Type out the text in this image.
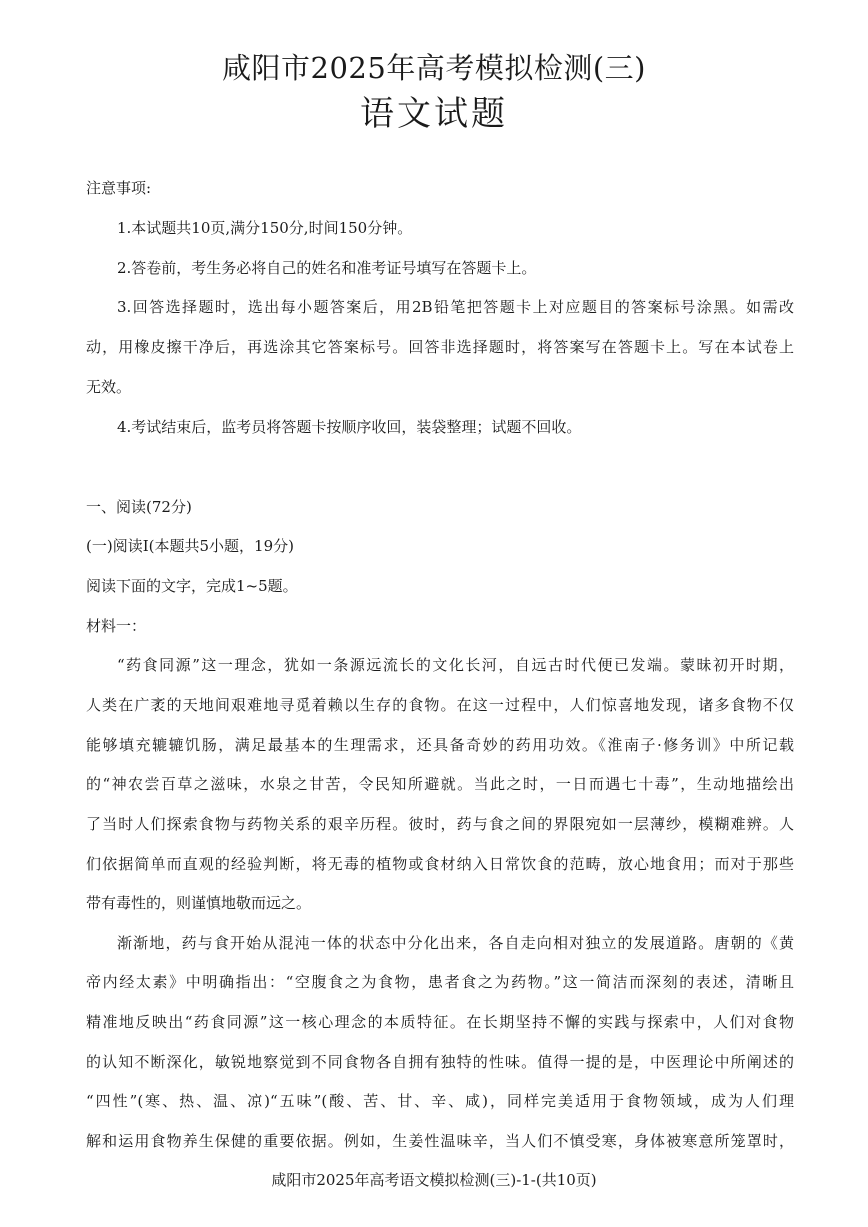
咸阳市2025年高考模拟检测(三)
语文试题
注意事项:
1.本试题共10页,满分150分,时间150分钟。
2.答卷前，考生务必将自己的姓名和准考证号填写在答题卡上。
3.回答选择题时，选出每小题答案后，用2B铅笔把答题卡上对应题目的答案标号涂黑。如需改
动，用橡皮擦干净后，再选涂其它答案标号。回答非选择题时，将答案写在答题卡上。写在本试卷上
无效。
4.考试结束后，监考员将答题卡按顺序收回，装袋整理；试题不回收。
一、阅读(72分)
(一)阅读Ⅰ(本题共5小题，19分)
阅读下面的文字，完成1~5题。
材料一：
“药食同源”这一理念，犹如一条源远流长的文化长河，自远古时代便已发端。蒙昧初开时期，
人类在广袤的天地间艰难地寻觅着赖以生存的食物。在这一过程中，人们惊喜地发现，诸多食物不仅
能够填充辘辘饥肠，满足最基本的生理需求，还具备奇妙的药用功效。《淮南子·修务训》中所记载
的“神农尝百草之滋味，水泉之甘苦，令民知所避就。当此之时，一日而遇七十毒”，生动地描绘出
了当时人们探索食物与药物关系的艰辛历程。彼时，药与食之间的界限宛如一层薄纱，模糊难辨。人
们依据简单而直观的经验判断，将无毒的植物或食材纳入日常饮食的范畴，放心地食用；而对于那些
带有毒性的，则谨慎地敬而远之。
渐渐地，药与食开始从混沌一体的状态中分化出来，各自走向相对独立的发展道路。唐朝的《黄
帝内经太素》中明确指出：“空腹食之为食物，患者食之为药物。”这一简洁而深刻的表述，清晰且
精准地反映出“药食同源”这一核心理念的本质特征。在长期坚持不懈的实践与探索中，人们对食物
的认知不断深化，敏锐地察觉到不同食物各自拥有独特的性味。值得一提的是，中医理论中所阐述的
“四性”(寒、热、温、凉)“五味”(酸、苦、甘、辛、咸)，同样完美适用于食物领域，成为人们理
解和运用食物养生保健的重要依据。例如，生姜性温味辛，当人们不慎受寒，身体被寒意所笼罩时，
咸阳市2025年高考语文模拟检测(三)-1-(共10页)
